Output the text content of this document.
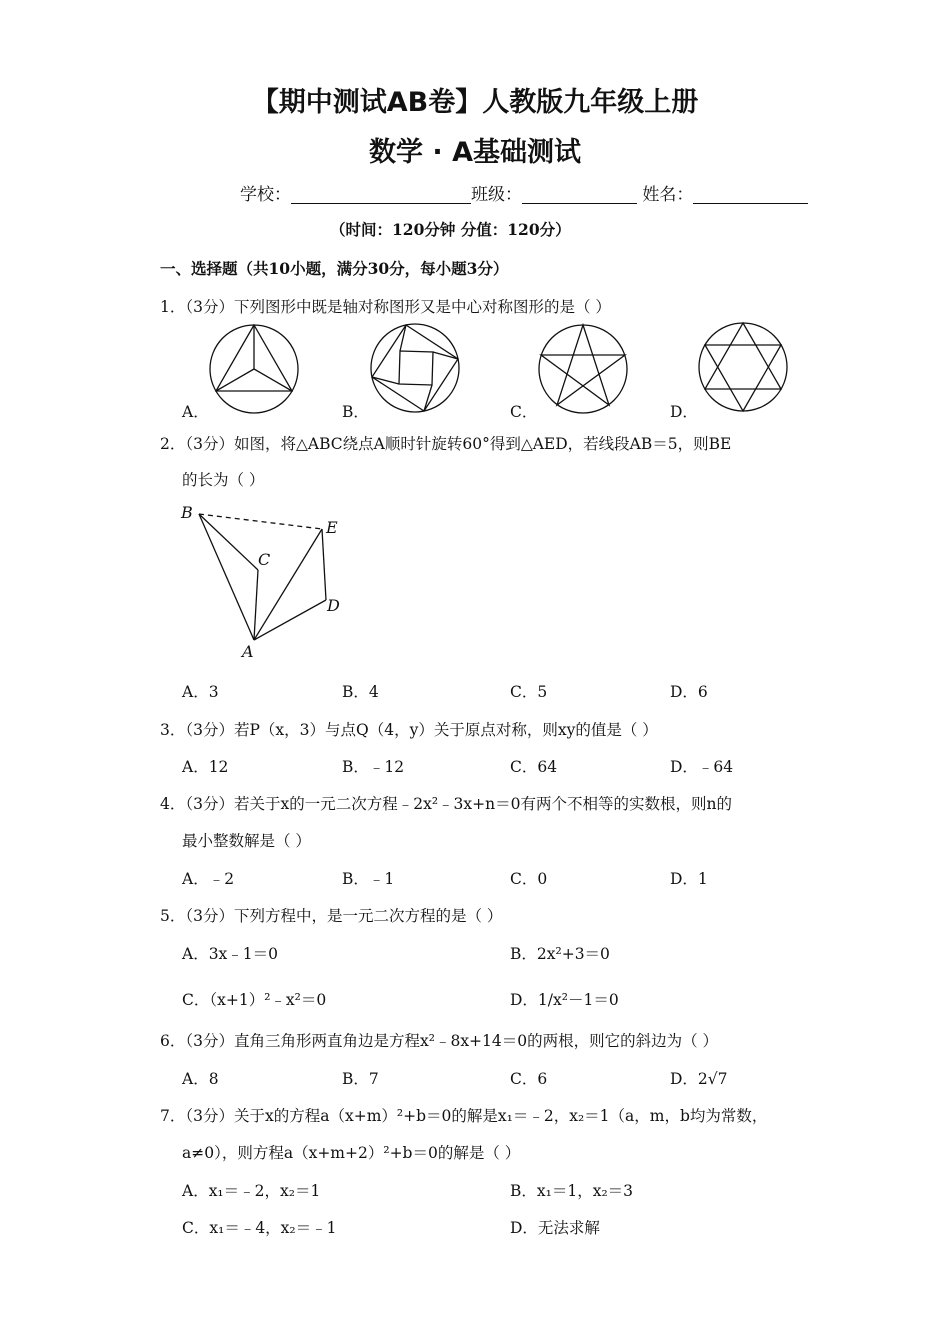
【期中测试AB卷】人教版九年级上册
数学 · A基础测试
学校：	班级：	姓名：
（时间：120分钟 分值：120分）
一、选择题（共10小题，满分30分，每小题3分）
1．（3分）下列图形中既是轴对称图形又是中心对称图形的是（ ）
A．	B．	C．	D．
2．（3分）如图，将△ABC绕点A顺时针旋转60°得到△AED，若线段AB＝5，则BE
的长为（ ）
B
C
E
D
A
A．3	B．4	C．5	D．6
3．（3分）若P（x，3）与点Q（4，y）关于原点对称，则xy的值是（ ）
A．12	B．﹣12	C．64	D．﹣64
4．（3分）若关于x的一元二次方程﹣2x²﹣3x+n＝0有两个不相等的实数根，则n的
最小整数解是（ ）
A．﹣2	B．﹣1	C．0	D．1
5．（3分）下列方程中，是一元二次方程的是（ ）
A．3x﹣1＝0	B．2x²+3＝0
C．（x+1）²﹣x²＝0	D．1/x²－1＝0
6．（3分）直角三角形两直角边是方程x²﹣8x+14＝0的两根，则它的斜边为（ ）
A．8	B．7	C．6	D．2√7
7．（3分）关于x的方程a（x+m）²+b＝0的解是x₁＝﹣2，x₂＝1（a，m，b均为常数，
a≠0），则方程a（x+m+2）²+b＝0的解是（ ）
A．x₁＝﹣2，x₂＝1	B．x₁＝1，x₂＝3
C．x₁＝﹣4，x₂＝﹣1	D．无法求解
